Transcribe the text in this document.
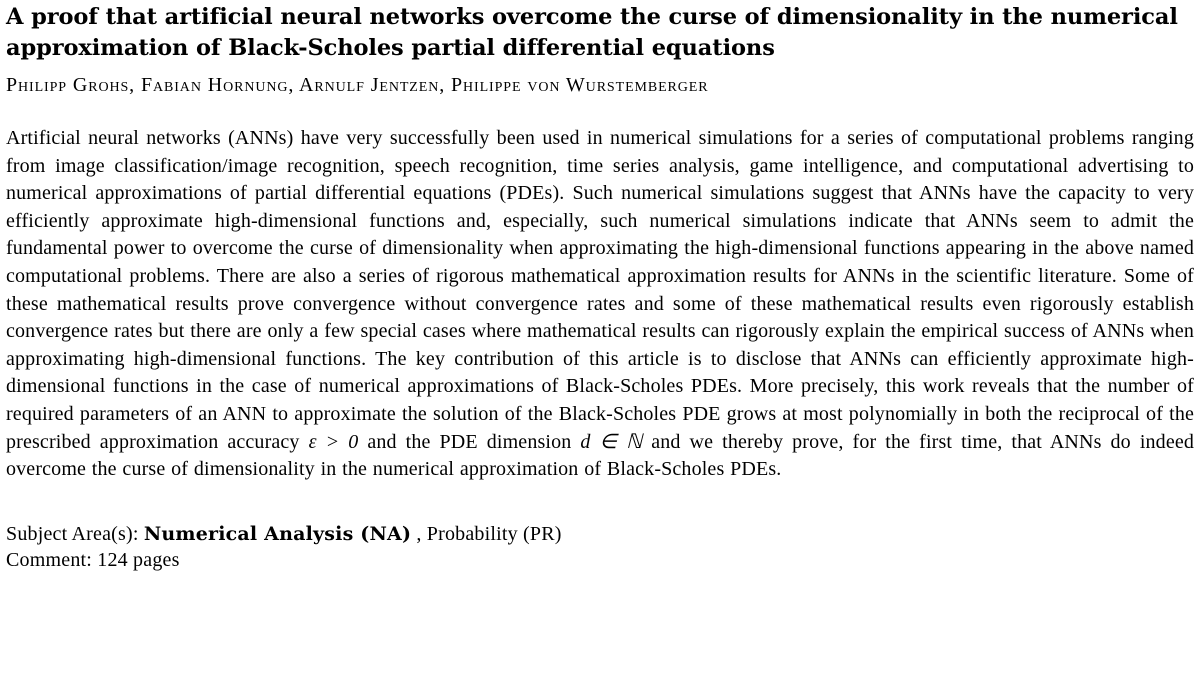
A proof that artificial neural networks overcome the curse of dimensionality in the numerical approximation of Black-Scholes partial differential equations
Philipp Grohs, Fabian Hornung, Arnulf Jentzen, Philippe von Wurstemberger
Artificial neural networks (ANNs) have very successfully been used in numerical simulations for a series of computational problems ranging from image classification/image recognition, speech recognition, time series analysis, game intelligence, and computational advertising to numerical approximations of partial differential equations (PDEs). Such numerical simulations suggest that ANNs have the capacity to very efficiently approximate high-dimensional functions and, especially, such numerical simulations indicate that ANNs seem to admit the fundamental power to overcome the curse of dimensionality when approximating the high-dimensional functions appearing in the above named computational problems. There are also a series of rigorous mathematical approximation results for ANNs in the scientific literature. Some of these mathematical results prove convergence without convergence rates and some of these mathematical results even rigorously establish convergence rates but there are only a few special cases where mathematical results can rigorously explain the empirical success of ANNs when approximating high-dimensional functions. The key contribution of this article is to disclose that ANNs can efficiently approximate high-dimensional functions in the case of numerical approximations of Black-Scholes PDEs. More precisely, this work reveals that the number of required parameters of an ANN to approximate the solution of the Black-Scholes PDE grows at most polynomially in both the reciprocal of the prescribed approximation accuracy ε > 0 and the PDE dimension d ∈ ℕ and we thereby prove, for the first time, that ANNs do indeed overcome the curse of dimensionality in the numerical approximation of Black-Scholes PDEs.
Subject Area(s): Numerical Analysis (NA) , Probability (PR)
Comment: 124 pages
